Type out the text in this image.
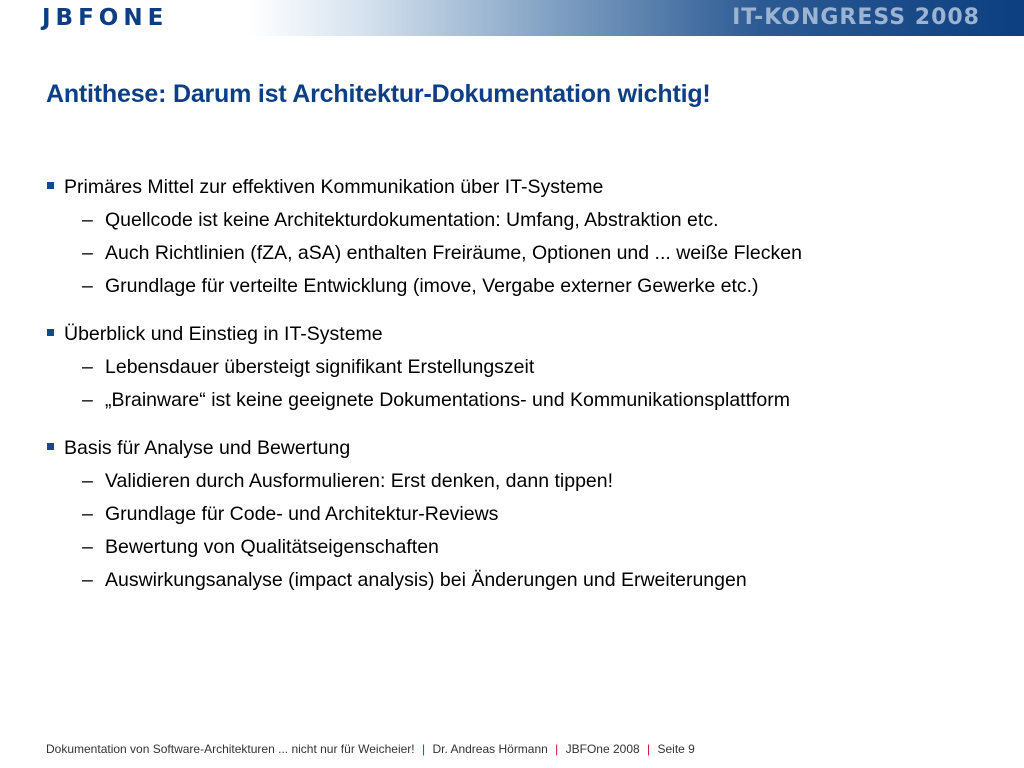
JBFONE	IT-KONGRESS 2008
Antithese: Darum ist Architektur-Dokumentation wichtig!
Primäres Mittel zur effektiven Kommunikation über IT-Systeme
– Quellcode ist keine Architekturdokumentation: Umfang, Abstraktion etc.
– Auch Richtlinien (fZA, aSA) enthalten Freiräume, Optionen und ... weiße Flecken
– Grundlage für verteilte Entwicklung (imove, Vergabe externer Gewerke etc.)
Überblick und Einstieg in IT-Systeme
– Lebensdauer übersteigt signifikant Erstellungszeit
– „Brainware“ ist keine geeignete Dokumentations- und Kommunikationsplattform
Basis für Analyse und Bewertung
– Validieren durch Ausformulieren: Erst denken, dann tippen!
– Grundlage für Code- und Architektur-Reviews
– Bewertung von Qualitätseigenschaften
– Auswirkungsanalyse (impact analysis) bei Änderungen und Erweiterungen
Dokumentation von Software-Architekturen ... nicht nur für Weicheier! | Dr. Andreas Hörmann | JBFOne 2008 | Seite 9
